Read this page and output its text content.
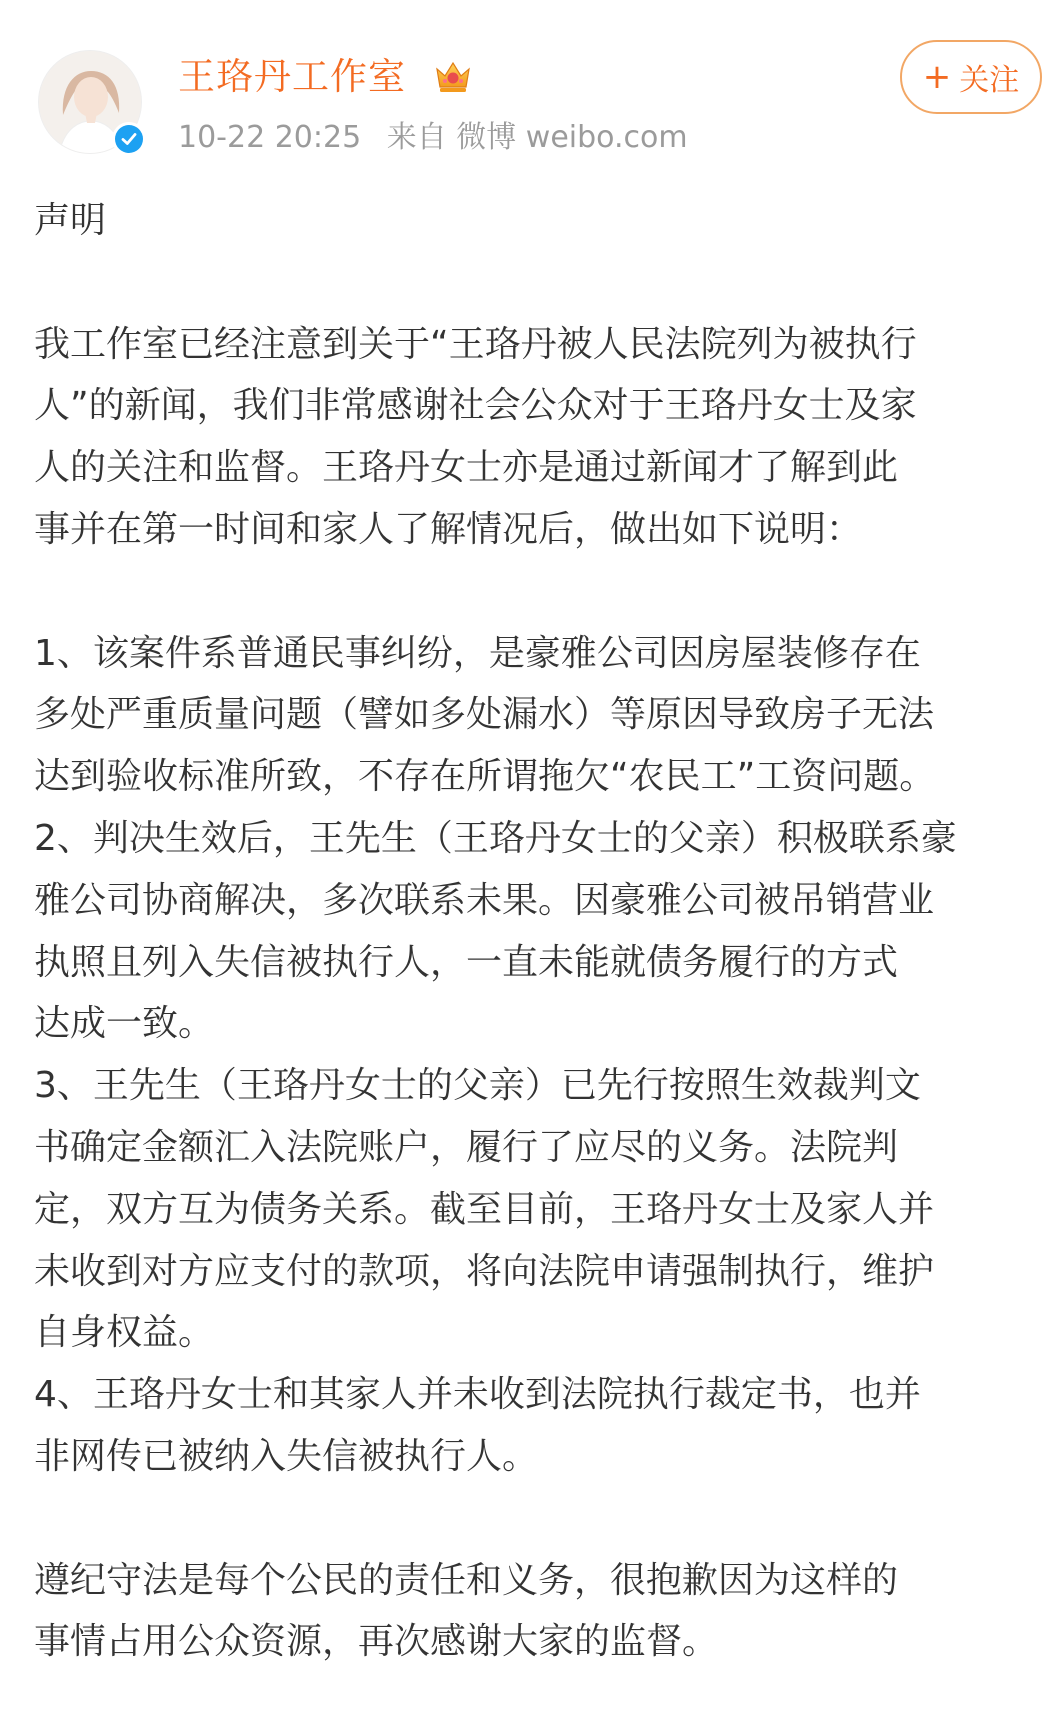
王珞丹工作室
10-22 20:25 来自 微博 weibo.com
+ 关注

声明

我工作室已经注意到关于“王珞丹被人民法院列为被执行

人”的新闻，我们非常感谢社会公众对于王珞丹女士及家

人的关注和监督。王珞丹女士亦是通过新闻才了解到此

事并在第一时间和家人了解情况后，做出如下说明：

1、该案件系普通民事纠纷，是豪雅公司因房屋装修存在

多处严重质量问题（譬如多处漏水）等原因导致房子无法

达到验收标准所致，不存在所谓拖欠“农民工”工资问题。

2、判决生效后，王先生（王珞丹女士的父亲）积极联系豪

雅公司协商解决，多次联系未果。因豪雅公司被吊销营业

执照且列入失信被执行人，一直未能就债务履行的方式

达成一致。

3、王先生（王珞丹女士的父亲）已先行按照生效裁判文

书确定金额汇入法院账户，履行了应尽的义务。法院判

定，双方互为债务关系。截至目前，王珞丹女士及家人并

未收到对方应支付的款项，将向法院申请强制执行，维护

自身权益。

4、王珞丹女士和其家人并未收到法院执行裁定书，也并

非网传已被纳入失信被执行人。

遵纪守法是每个公民的责任和义务，很抱歉因为这样的

事情占用公众资源，再次感谢大家的监督。
